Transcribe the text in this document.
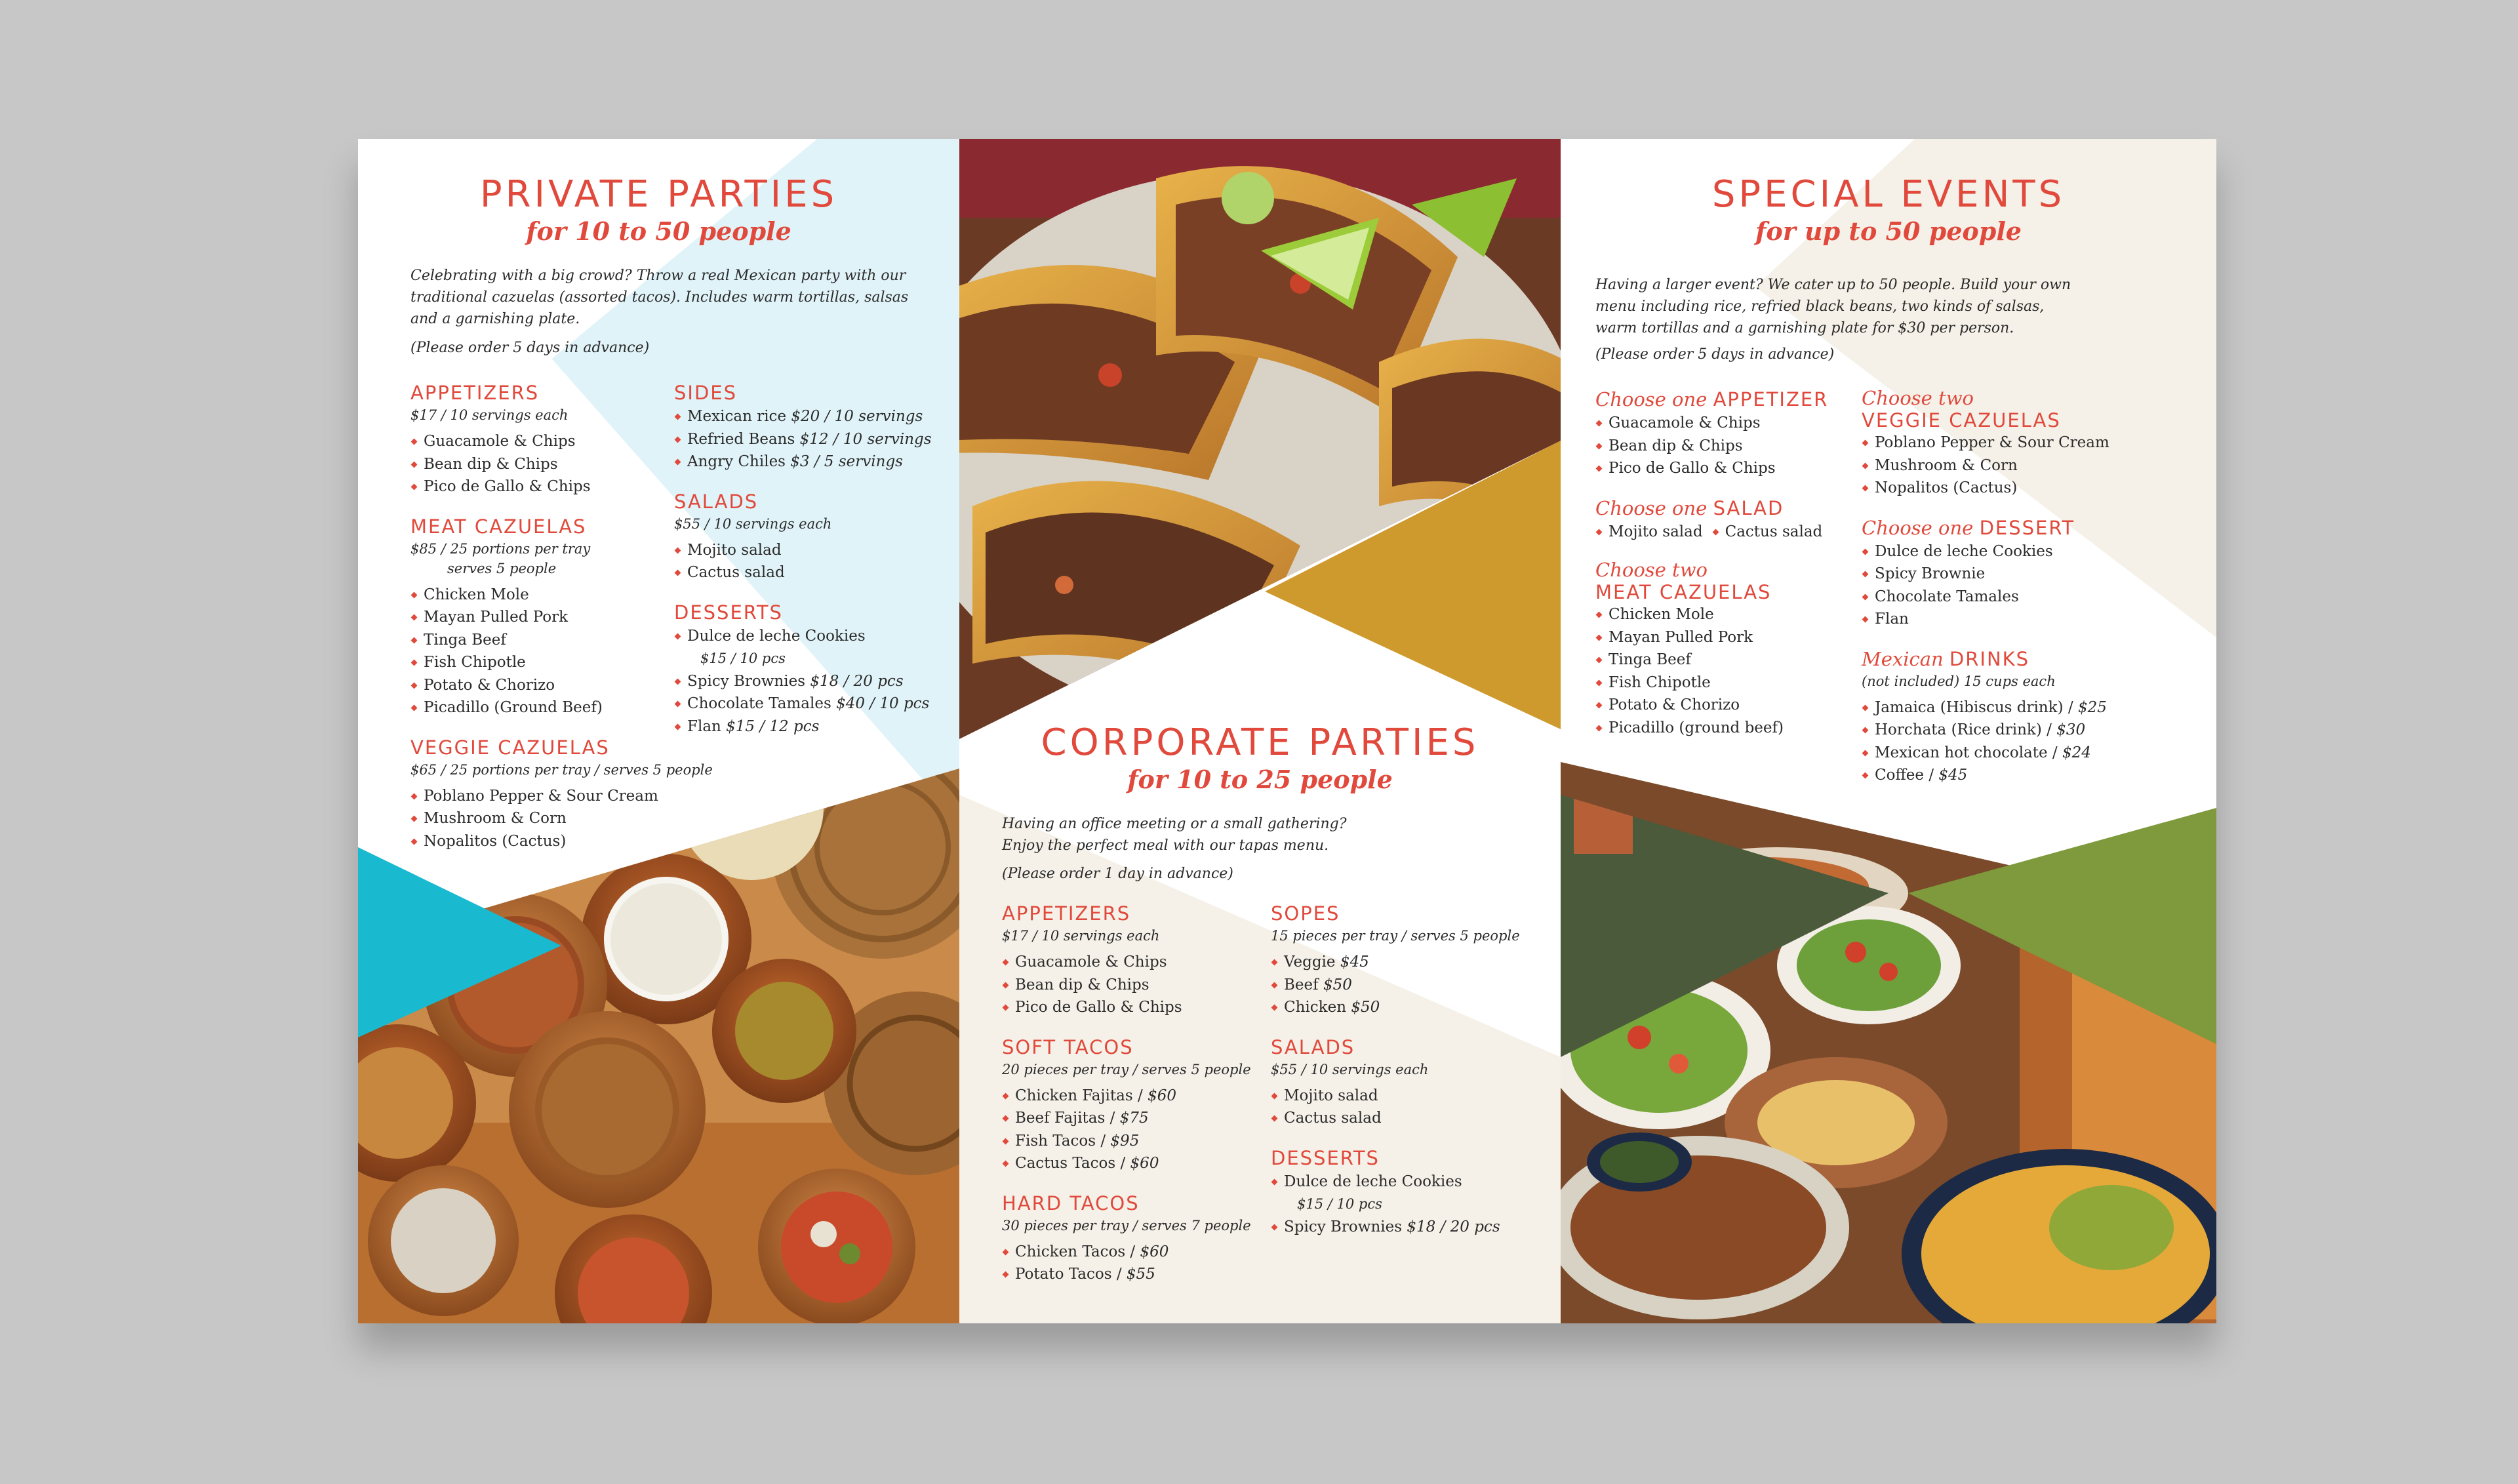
PRIVATE PARTIES
for 10 to 50 people

Celebrating with a big crowd? Throw a real Mexican party with our
traditional cazuelas (assorted tacos). Includes warm tortillas, salsas
and a garnishing plate.

(Please order 5 days in advance)

APPETIZERS

$17 / 10 servings each

Guacamole & Chips
Bean dip & Chips
Pico de Gallo & Chips

MEAT CAZUELAS

$85 / 25 portions per tray

serves 5 people

Chicken Mole
Mayan Pulled Pork
Tinga Beef
Fish Chipotle
Potato & Chorizo
Picadillo (Ground Beef)

VEGGIE CAZUELAS

$65 / 25 portions per tray / serves 5 people

Poblano Pepper & Sour Cream
Mushroom & Corn
Nopalitos (Cactus)

SIDES

Mexican rice $20 / 10 servings
Refried Beans $12 / 10 servings
Angry Chiles $3 / 5 servings

SALADS

$55 / 10 servings each

Mojito salad
Cactus salad

DESSERTS

Dulce de leche Cookies
$15 / 10 pcs
Spicy Brownies $18 / 20 pcs
Chocolate Tamales $40 / 10 pcs
Flan $15 / 12 pcs	CORPORATE PARTIES
for 10 to 25 people

Having an office meeting or a small gathering?
Enjoy the perfect meal with our tapas menu.

(Please order 1 day in advance)

APPETIZERS

$17 / 10 servings each

Guacamole & Chips
Bean dip & Chips
Pico de Gallo & Chips

SOFT TACOS

20 pieces per tray / serves 5 people

Chicken Fajitas / $60
Beef Fajitas / $75
Fish Tacos / $95
Cactus Tacos / $60

HARD TACOS

30 pieces per tray / serves 7 people

Chicken Tacos / $60
Potato Tacos / $55

SOPES

15 pieces per tray / serves 5 people

Veggie $45
Beef $50
Chicken $50

SALADS

$55 / 10 servings each

Mojito salad
Cactus salad

DESSERTS

Dulce de leche Cookies
$15 / 10 pcs
Spicy Brownies $18 / 20 pcs
SPECIAL EVENTS
for up to 50 people

Having a larger event? We cater up to 50 people. Build your own
menu including rice, refried black beans, two kinds of salsas,
warm tortillas and a garnishing plate for $30 per person.

(Please order 5 days in advance)

Choose one APPETIZER

Guacamole & Chips
Bean dip & Chips
Pico de Gallo & Chips

Choose one SALAD

Mojito salad	Cactus salad

Choose two

MEAT CAZUELAS

Chicken Mole
Mayan Pulled Pork
Tinga Beef
Fish Chipotle
Potato & Chorizo
Picadillo (ground beef)

Choose two

VEGGIE CAZUELAS

Poblano Pepper & Sour Cream
Mushroom & Corn
Nopalitos (Cactus)

Choose one DESSERT

Dulce de leche Cookies
Spicy Brownie
Chocolate Tamales
Flan

Mexican DRINKS

(not included) 15 cups each

Jamaica (Hibiscus drink) / $25
Horchata (Rice drink) / $30
Mexican hot chocolate / $24
Coffee / $45
